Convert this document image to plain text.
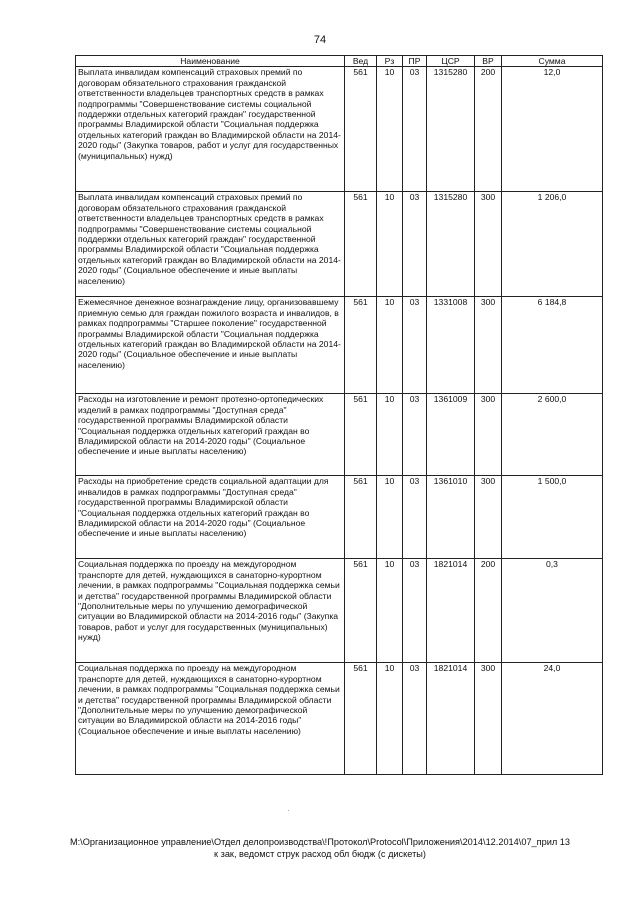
74
Наименование	Вед	Рз	ПР	ЦСР	ВР	Сумма
Выплата инвалидам компенсаций страховых премий по договорам обязательного страхования гражданской ответственности владельцев транспортных средств в рамках подпрограммы "Совершенствование системы социальной поддержки отдельных категорий граждан" государственной программы Владимирской области "Социальная поддержка отдельных категорий граждан во Владимирской области на 2014-2020 годы" (Закупка товаров, работ и услуг для государственных (муниципальных) нужд)	561	10	03	1315280	200	12,0
Выплата инвалидам компенсаций страховых премий по договорам обязательного страхования гражданской ответственности владельцев транспортных средств в рамках подпрограммы "Совершенствование системы социальной поддержки отдельных категорий граждан" государственной программы Владимирской области "Социальная поддержка отдельных категорий граждан во Владимирской области на 2014-2020 годы" (Социальное обеспечение и иные выплаты населению)	561	10	03	1315280	300	1 206,0
Ежемесячное денежное вознаграждение лицу, организовавшему приемную семью для граждан пожилого возраста и инвалидов, в рамках подпрограммы "Старшее поколение" государственной программы Владимирской области "Социальная поддержка отдельных категорий граждан во Владимирской области на 2014-2020 годы" (Социальное обеспечение и иные выплаты населению)	561	10	03	1331008	300	6 184,8
Расходы на изготовление и ремонт протезно-ортопедических изделий в рамках подпрограммы "Доступная среда" государственной программы Владимирской области "Социальная поддержка отдельных категорий граждан во Владимирской области на 2014-2020 годы" (Социальное обеспечение и иные выплаты населению)	561	10	03	1361009	300	2 600,0
Расходы на приобретение средств социальной адаптации для инвалидов в рамках подпрограммы "Доступная среда" государственной программы Владимирской области "Социальная поддержка отдельных категорий граждан во Владимирской области на 2014-2020 годы" (Социальное обеспечение и иные выплаты населению)	561	10	03	1361010	300	1 500,0
Социальная поддержка по проезду на междугородном транспорте для детей, нуждающихся в санаторно-курортном лечении, в рамках подпрограммы "Социальная поддержка семьи и детства" государственной программы Владимирской области "Дополнительные меры по улучшению демографической ситуации во Владимирской области на 2014-2016 годы" (Закупка товаров, работ и услуг для государственных (муниципальных) нужд)	561	10	03	1821014	200	0,3
Социальная поддержка по проезду на междугородном транспорте для детей, нуждающихся в санаторно-курортном лечении, в рамках подпрограммы "Социальная поддержка семьи и детства" государственной программы Владимирской области "Дополнительные меры по улучшению демографической ситуации во Владимирской области на 2014-2016 годы" (Социальное обеспечение и иные выплаты населению)	561	10	03	1821014	300	24,0
·
М:\Организационное управление\Отдел делопроизводства\!Протокол\Protocol\Приложения\2014\12.2014\07_прил 13
к зак, ведомст струк расход обл бюдж (с дискеты)
